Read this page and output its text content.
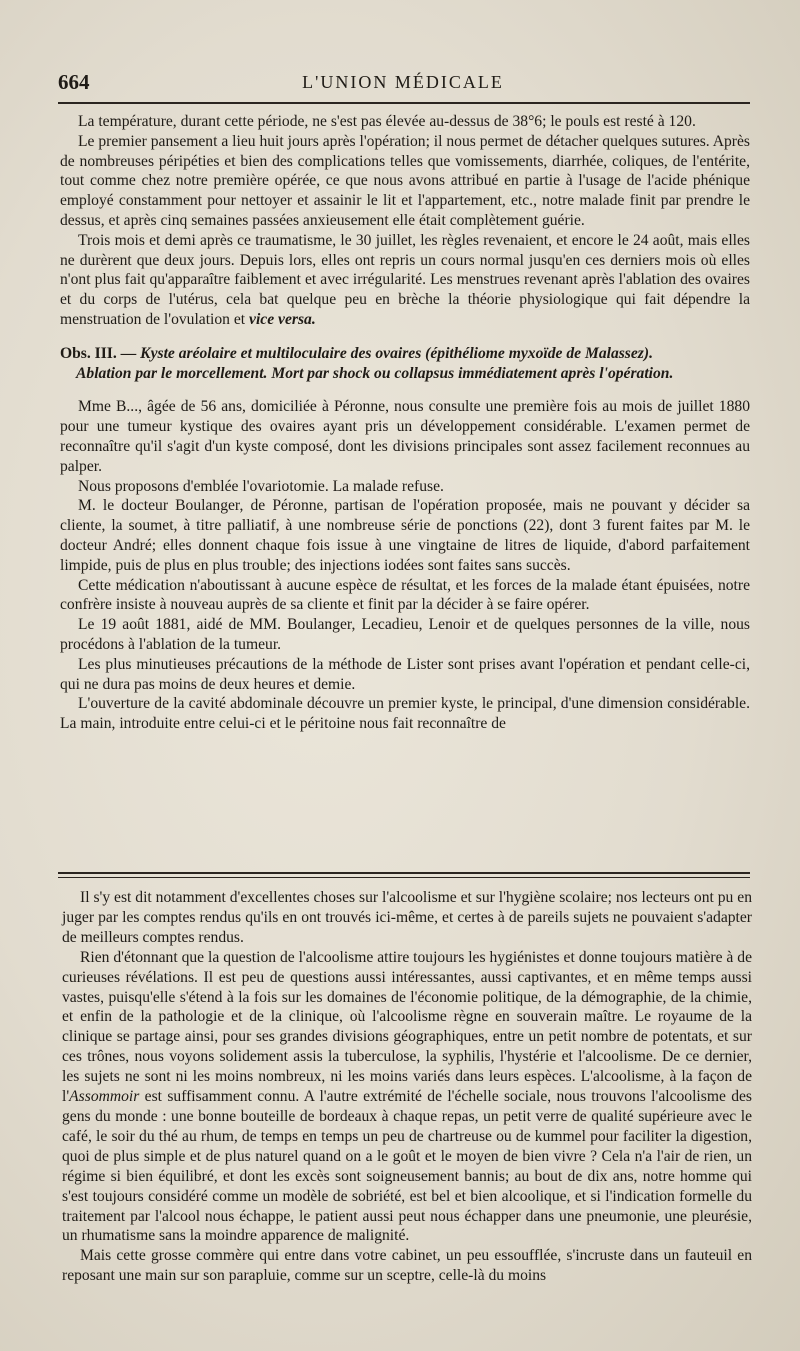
664	L'UNION MÉDICALE

La température, durant cette période, ne s'est pas élevée au-dessus de 38°6; le pouls est resté à 120.

Le premier pansement a lieu huit jours après l'opération; il nous permet de détacher quelques sutures. Après de nombreuses péripéties et bien des complications telles que vomissements, diarrhée, coliques, de l'entérite, tout comme chez notre première opérée, ce que nous avons attribué en partie à l'usage de l'acide phénique employé constamment pour nettoyer et assainir le lit et l'appartement, etc., notre malade finit par prendre le dessus, et après cinq semaines passées anxieusement elle était complètement guérie.

Trois mois et demi après ce traumatisme, le 30 juillet, les règles revenaient, et encore le 24 août, mais elles ne durèrent que deux jours. Depuis lors, elles ont repris un cours normal jusqu'en ces derniers mois où elles n'ont plus fait qu'apparaître faiblement et avec irrégularité. Les menstrues revenant après l'ablation des ovaires et du corps de l'utérus, cela bat quelque peu en brèche la théorie physiologique qui fait dépendre la menstruation de l'ovulation et vice versa.

Obs. III. — Kyste aréolaire et multiloculaire des ovaires (épithéliome myxoïde de Malassez).

Ablation par le morcellement. Mort par shock ou collapsus immédiatement après l'opération.

Mme B..., âgée de 56 ans, domiciliée à Péronne, nous consulte une première fois au mois de juillet 1880 pour une tumeur kystique des ovaires ayant pris un développement considérable. L'examen permet de reconnaître qu'il s'agit d'un kyste composé, dont les divisions principales sont assez facilement reconnues au palper.

Nous proposons d'emblée l'ovariotomie. La malade refuse.

M. le docteur Boulanger, de Péronne, partisan de l'opération proposée, mais ne pouvant y décider sa cliente, la soumet, à titre palliatif, à une nombreuse série de ponctions (22), dont 3 furent faites par M. le docteur André; elles donnent chaque fois issue à une vingtaine de litres de liquide, d'abord parfaitement limpide, puis de plus en plus trouble; des injections iodées sont faites sans succès.

Cette médication n'aboutissant à aucune espèce de résultat, et les forces de la malade étant épuisées, notre confrère insiste à nouveau auprès de sa cliente et finit par la décider à se faire opérer.

Le 19 août 1881, aidé de MM. Boulanger, Lecadieu, Lenoir et de quelques personnes de la ville, nous procédons à l'ablation de la tumeur.

Les plus minutieuses précautions de la méthode de Lister sont prises avant l'opération et pendant celle-ci, qui ne dura pas moins de deux heures et demie.

L'ouverture de la cavité abdominale découvre un premier kyste, le principal, d'une dimension considérable. La main, introduite entre celui-ci et le péritoine nous fait reconnaître de

Il s'y est dit notamment d'excellentes choses sur l'alcoolisme et sur l'hygiène scolaire; nos lecteurs ont pu en juger par les comptes rendus qu'ils en ont trouvés ici-même, et certes à de pareils sujets ne pouvaient s'adapter de meilleurs comptes rendus.

Rien d'étonnant que la question de l'alcoolisme attire toujours les hygiénistes et donne toujours matière à de curieuses révélations. Il est peu de questions aussi intéressantes, aussi captivantes, et en même temps aussi vastes, puisqu'elle s'étend à la fois sur les domaines de l'économie politique, de la démographie, de la chimie, et enfin de la pathologie et de la clinique, où l'alcoolisme règne en souverain maître. Le royaume de la clinique se partage ainsi, pour ses grandes divisions géographiques, entre un petit nombre de potentats, et sur ces trônes, nous voyons solidement assis la tuberculose, la syphilis, l'hystérie et l'alcoolisme. De ce dernier, les sujets ne sont ni les moins nombreux, ni les moins variés dans leurs espèces. L'alcoolisme, à la façon de l'Assommoir est suffisamment connu. A l'autre extrémité de l'échelle sociale, nous trouvons l'alcoolisme des gens du monde : une bonne bouteille de bordeaux à chaque repas, un petit verre de qualité supérieure avec le café, le soir du thé au rhum, de temps en temps un peu de chartreuse ou de kummel pour faciliter la digestion, quoi de plus simple et de plus naturel quand on a le goût et le moyen de bien vivre ? Cela n'a l'air de rien, un régime si bien équilibré, et dont les excès sont soigneusement bannis; au bout de dix ans, notre homme qui s'est toujours considéré comme un modèle de sobriété, est bel et bien alcoolique, et si l'indication formelle du traitement par l'alcool nous échappe, le patient aussi peut nous échapper dans une pneumonie, une pleurésie, un rhumatisme sans la moindre apparence de malignité.

Mais cette grosse commère qui entre dans votre cabinet, un peu essoufflée, s'incruste dans un fauteuil en reposant une main sur son parapluie, comme sur un sceptre, celle-là du moins
